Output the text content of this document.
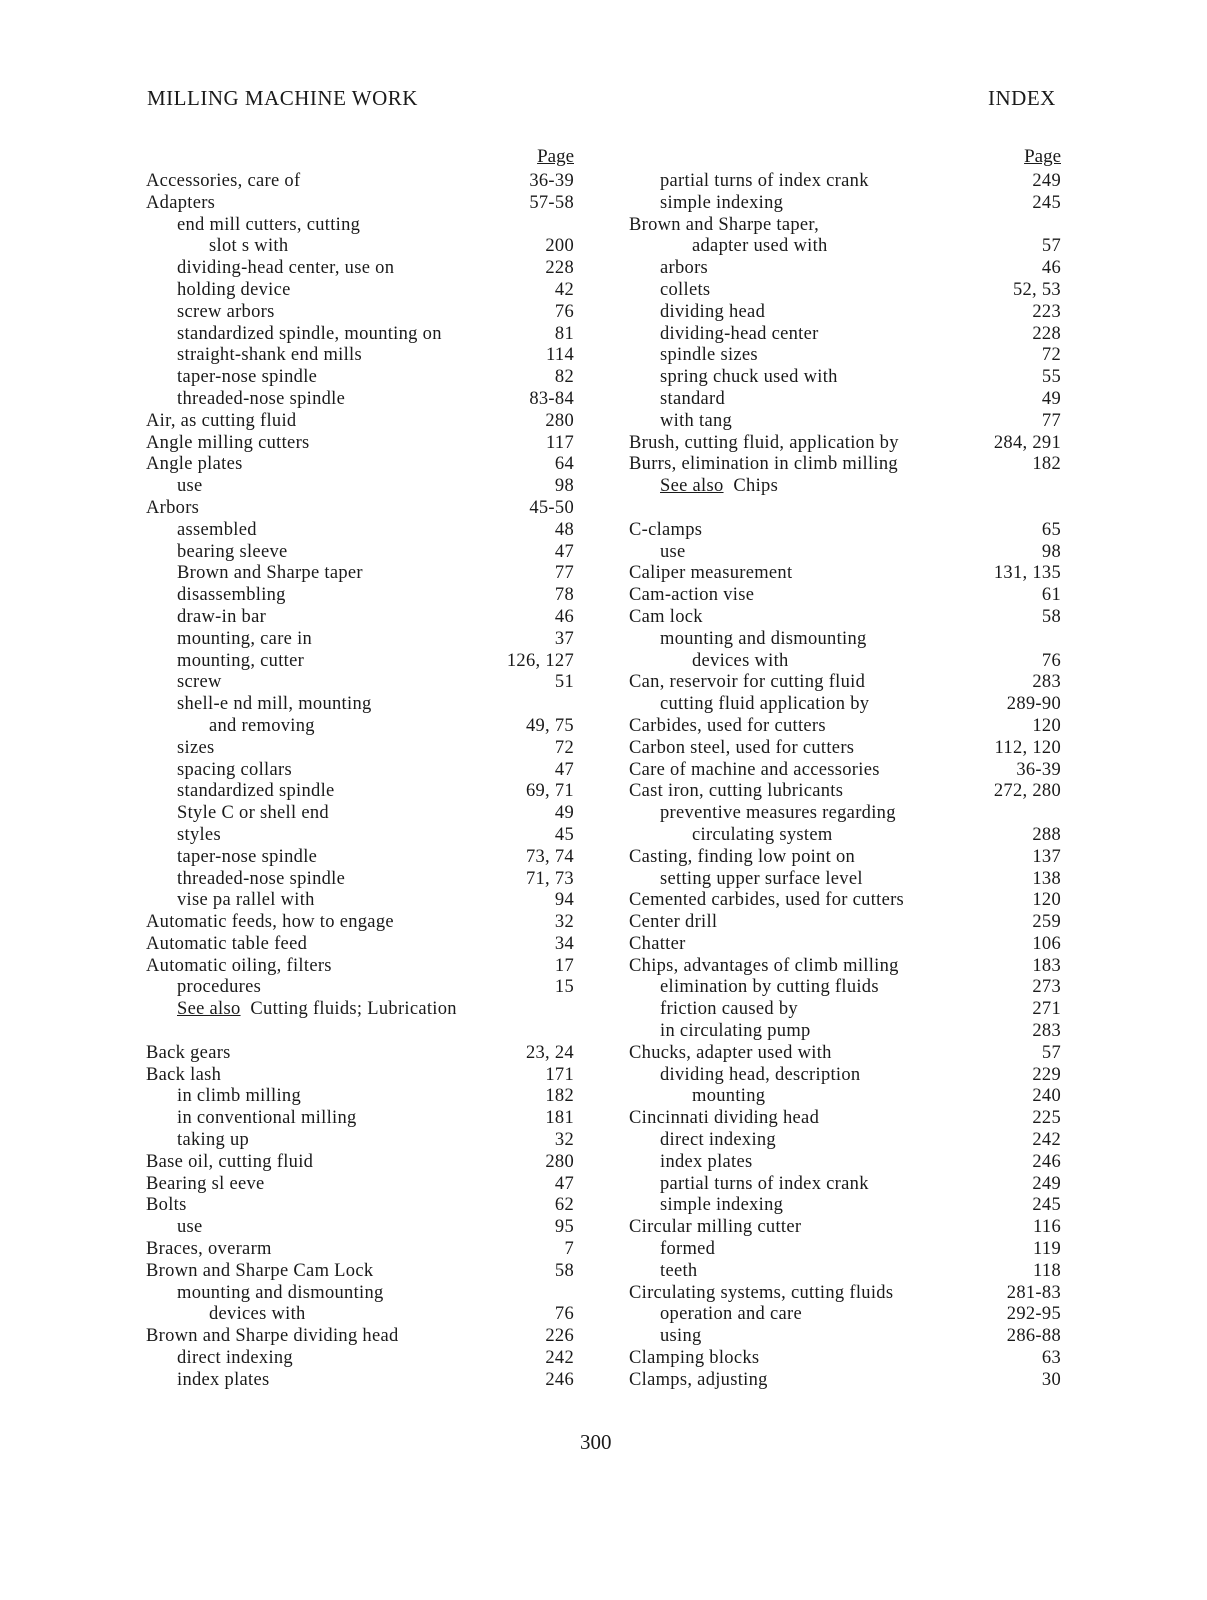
MILLING MACHINE WORK	INDEX
Page
Accessories, care of	36-39
Adapters	57-58
end mill cutters, cutting
slot s with	200
dividing-head center, use on	228
holding device	42
screw arbors	76
standardized spindle, mounting on	81
straight-shank end mills	114
taper-nose spindle	82
threaded-nose spindle	83-84
Air, as cutting fluid	280
Angle milling cutters	117
Angle plates	64
use	98
Arbors	45-50
assembled	48
bearing sleeve	47
Brown and Sharpe taper	77
disassembling	78
draw-in bar	46
mounting, care in	37
mounting, cutter	126, 127
screw	51
shell-e nd mill, mounting
and removing	49, 75
sizes	72
spacing collars	47
standardized spindle	69, 71
Style C or shell end	49
styles	45
taper-nose spindle	73, 74
threaded-nose spindle	71, 73
vise pa rallel with	94
Automatic feeds, how to engage	32
Automatic table feed	34
Automatic oiling, filters	17
procedures	15
See also Cutting fluids; Lubrication
Back gears	23, 24
Back lash	171
in climb milling	182
in conventional milling	181
taking up	32
Base oil, cutting fluid	280
Bearing sl eeve	47
Bolts	62
use	95
Braces, overarm	7
Brown and Sharpe Cam Lock	58
mounting and dismounting
devices with	76
Brown and Sharpe dividing head	226
direct indexing	242
index plates	246
Page
partial turns of index crank	249
simple indexing	245
Brown and Sharpe taper,
adapter used with	57
arbors	46
collets	52, 53
dividing head	223
dividing-head center	228
spindle sizes	72
spring chuck used with	55
standard	49
with tang	77
Brush, cutting fluid, application by	284, 291
Burrs, elimination in climb milling	182
See also Chips
C-clamps	65
use	98
Caliper measurement	131, 135
Cam-action vise	61
Cam lock	58
mounting and dismounting
devices with	76
Can, reservoir for cutting fluid	283
cutting fluid application by	289-90
Carbides, used for cutters	120
Carbon steel, used for cutters	112, 120
Care of machine and accessories	36-39
Cast iron, cutting lubricants	272, 280
preventive measures regarding
circulating system	288
Casting, finding low point on	137
setting upper surface level	138
Cemented carbides, used for cutters	120
Center drill	259
Chatter	106
Chips, advantages of climb milling	183
elimination by cutting fluids	273
friction caused by	271
in circulating pump	283
Chucks, adapter used with	57
dividing head, description	229
mounting	240
Cincinnati dividing head	225
direct indexing	242
index plates	246
partial turns of index crank	249
simple indexing	245
Circular milling cutter	116
formed	119
teeth	118
Circulating systems, cutting fluids	281-83
operation and care	292-95
using	286-88
Clamping blocks	63
Clamps, adjusting	30
300
